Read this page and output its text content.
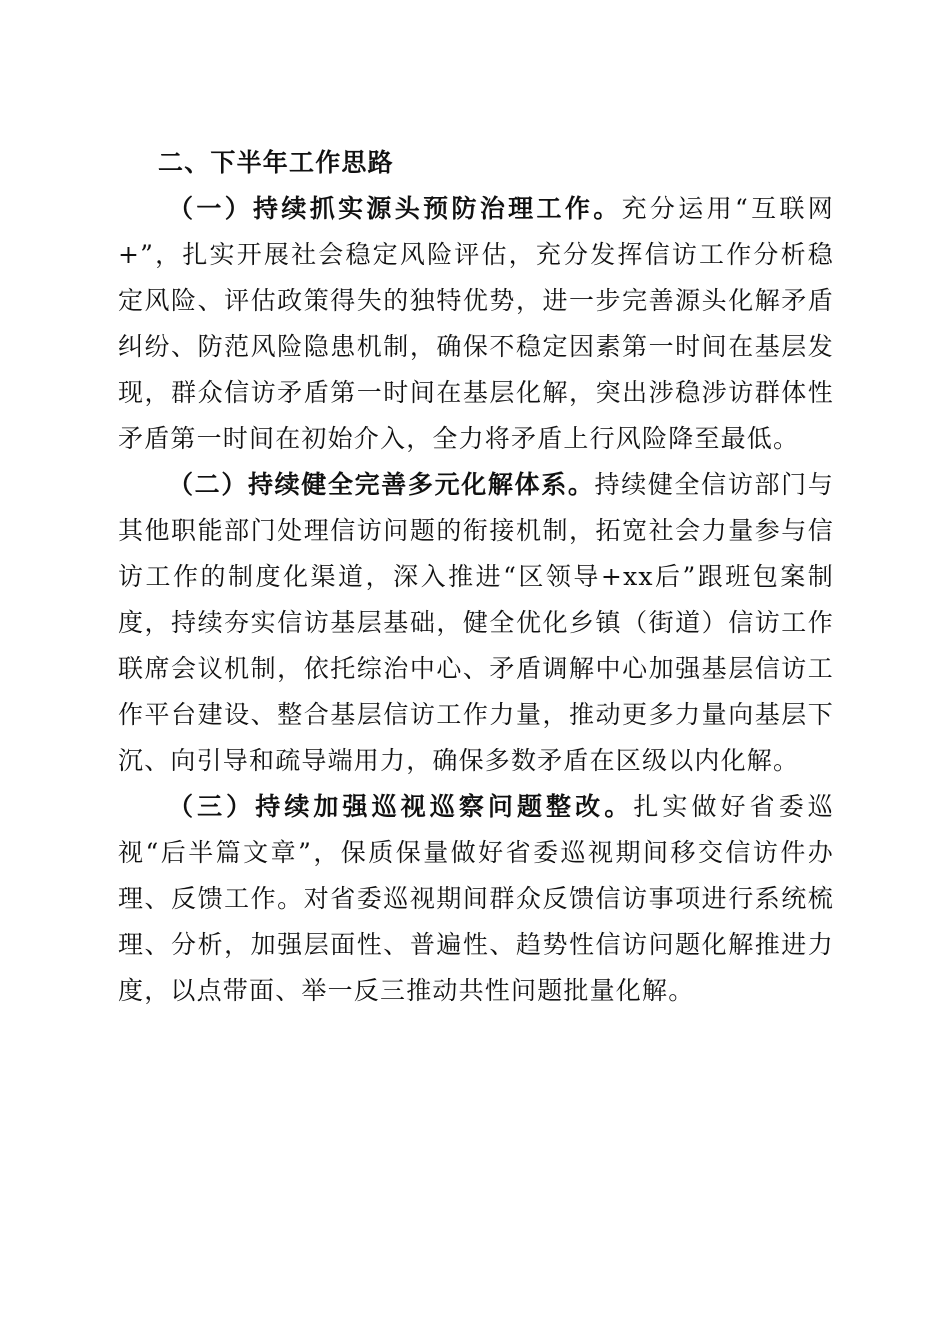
二、下半年工作思路

（一）持续抓实源头预防治理工作。充分运用“互联网+”，扎实开展社会稳定风险评估，充分发挥信访工作分析稳定风险、评估政策得失的独特优势，进一步完善源头化解矛盾纠纷、防范风险隐患机制，确保不稳定因素第一时间在基层发现，群众信访矛盾第一时间在基层化解，突出涉稳涉访群体性矛盾第一时间在初始介入，全力将矛盾上行风险降至最低。

（二）持续健全完善多元化解体系。持续健全信访部门与其他职能部门处理信访问题的衔接机制，拓宽社会力量参与信访工作的制度化渠道，深入推进“区领导+xx后”跟班包案制度，持续夯实信访基层基础，健全优化乡镇（街道）信访工作联席会议机制，依托综治中心、矛盾调解中心加强基层信访工作平台建设、整合基层信访工作力量，推动更多力量向基层下沉、向引导和疏导端用力，确保多数矛盾在区级以内化解。

（三）持续加强巡视巡察问题整改。扎实做好省委巡视“后半篇文章”，保质保量做好省委巡视期间移交信访件办理、反馈工作。对省委巡视期间群众反馈信访事项进行系统梳理、分析，加强层面性、普遍性、趋势性信访问题化解推进力度，以点带面、举一反三推动共性问题批量化解。
